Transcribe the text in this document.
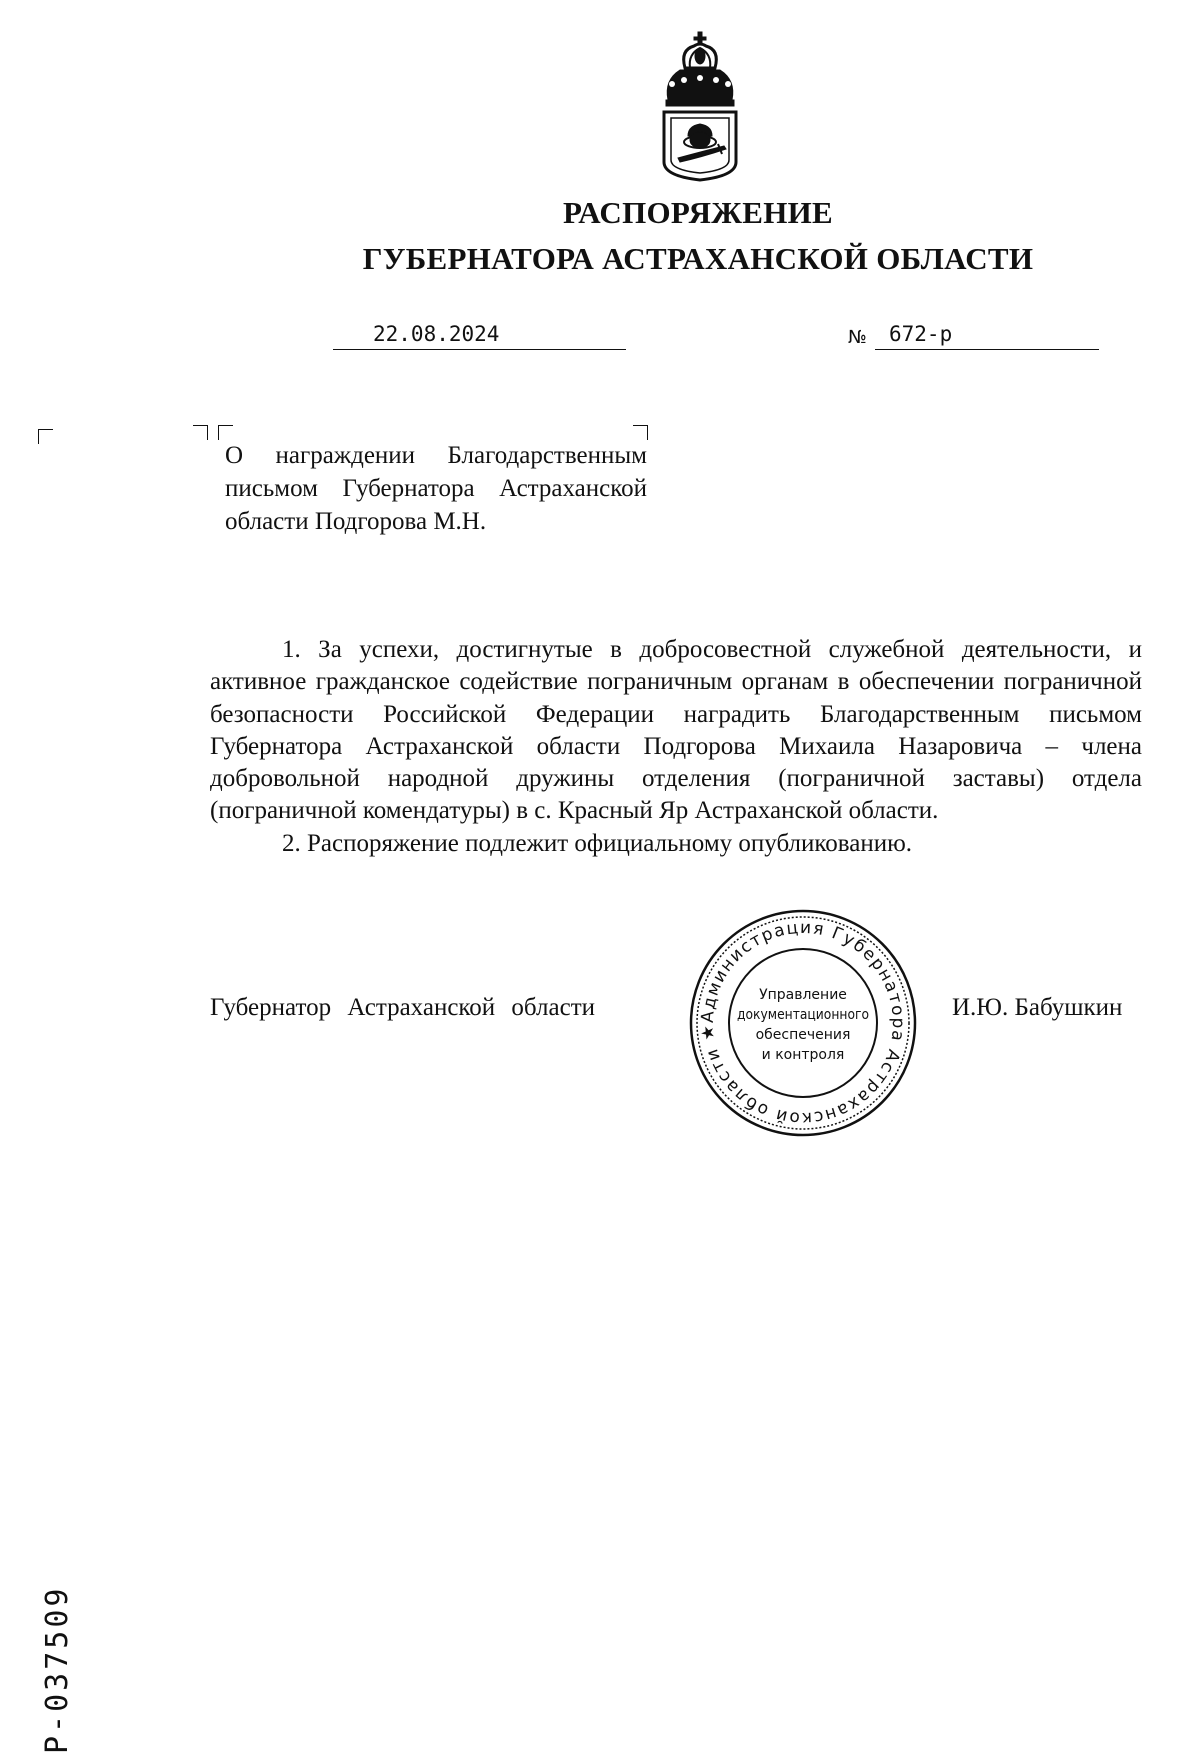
РАСПОРЯЖЕНИЕ
ГУБЕРНАТОРА АСТРАХАНСКОЙ ОБЛАСТИ
22.08.2024	№	672-р
О награждении Благодарственным письмом Губернатора Астраханской области Подгорова М.Н.

1. За успехи, достигнутые в добросовестной служебной деятельности, и активное гражданское содействие пограничным органам в обеспечении пограничной безопасности Российской Федерации наградить Благодарственным письмом Губернатора Астраханской области Подгорова Михаила Назаровича – члена добровольной народной дружины отделения (пограничной заставы) отдела (пограничной комендатуры) в с. Красный Яр Астраханской области.

2. Распоряжение подлежит официальному опубликованию.

Губернатор Астраханской области	И.Ю. Бабушкин
Администрация Губернатора Астраханской области ★
Управление
документационного
обеспечения
и контроля
Р-037509
